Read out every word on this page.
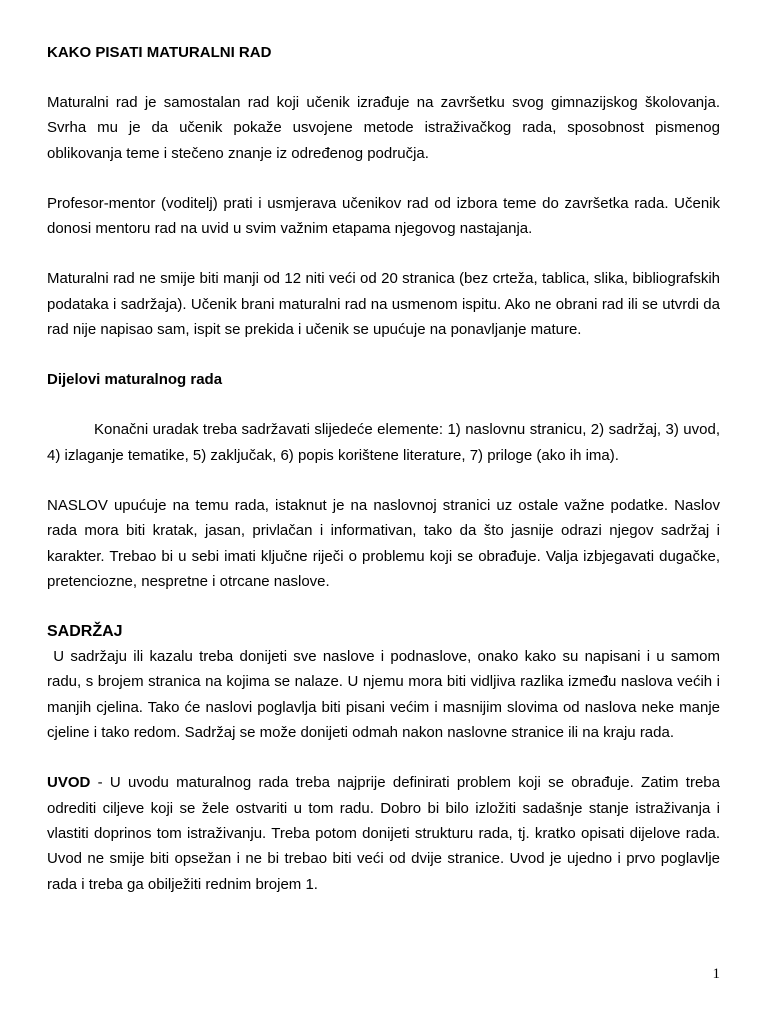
KAKO PISATI MATURALNI RAD

Maturalni rad je samostalan rad koji učenik izrađuje na završetku svog gimnazijskog školovanja. Svrha mu je da učenik pokaže usvojene metode istraživačkog rada, sposobnost pismenog oblikovanja teme i stečeno znanje iz određenog područja.

Profesor-mentor (voditelj) prati i usmjerava učenikov rad od izbora teme do završetka rada. Učenik donosi mentoru rad na uvid u svim važnim etapama njegovog nastajanja.

Maturalni rad ne smije biti manji od 12 niti veći od 20 stranica (bez crteža, tablica, slika, bibliografskih podataka i sadržaja). Učenik brani maturalni rad na usmenom ispitu. Ako ne obrani rad ili se utvrdi da rad nije napisao sam, ispit se prekida i učenik se upućuje na ponavljanje mature.

Dijelovi maturalnog rada

Konačni uradak treba sadržavati slijedeće elemente: 1) naslovnu stranicu, 2) sadržaj, 3) uvod, 4) izlaganje tematike, 5) zaključak, 6) popis korištene literature, 7) priloge (ako ih ima).

NASLOV upućuje na temu rada, istaknut je na naslovnoj stranici uz ostale važne podatke. Naslov rada mora biti kratak, jasan, privlačan i informativan, tako da što jasnije odrazi njegov sadržaj i karakter. Trebao bi u sebi imati ključne riječi o problemu koji se obrađuje. Valja izbjegavati dugačke, pretenciozne, nespretne i otrcane naslove.

SADRŽAJ

U sadržaju ili kazalu treba donijeti sve naslove i podnaslove, onako kako su napisani i u samom radu, s brojem stranica na kojima se nalaze. U njemu mora biti vidljiva razlika između naslova većih i manjih cjelina. Tako će naslovi poglavlja biti pisani većim i masnijim slovima od naslova neke manje cjeline i tako redom. Sadržaj se može donijeti odmah nakon naslovne stranice ili na kraju rada.

UVOD - U uvodu maturalnog rada treba najprije definirati problem koji se obrađuje. Zatim treba odrediti ciljeve koji se žele ostvariti u tom radu. Dobro bi bilo izložiti sadašnje stanje istraživanja i vlastiti doprinos tom istraživanju. Treba potom donijeti strukturu rada, tj. kratko opisati dijelove rada. Uvod ne smije biti opsežan i ne bi trebao biti veći od dvije stranice. Uvod je ujedno i prvo poglavlje rada i treba ga obilježiti rednim brojem 1.

1
